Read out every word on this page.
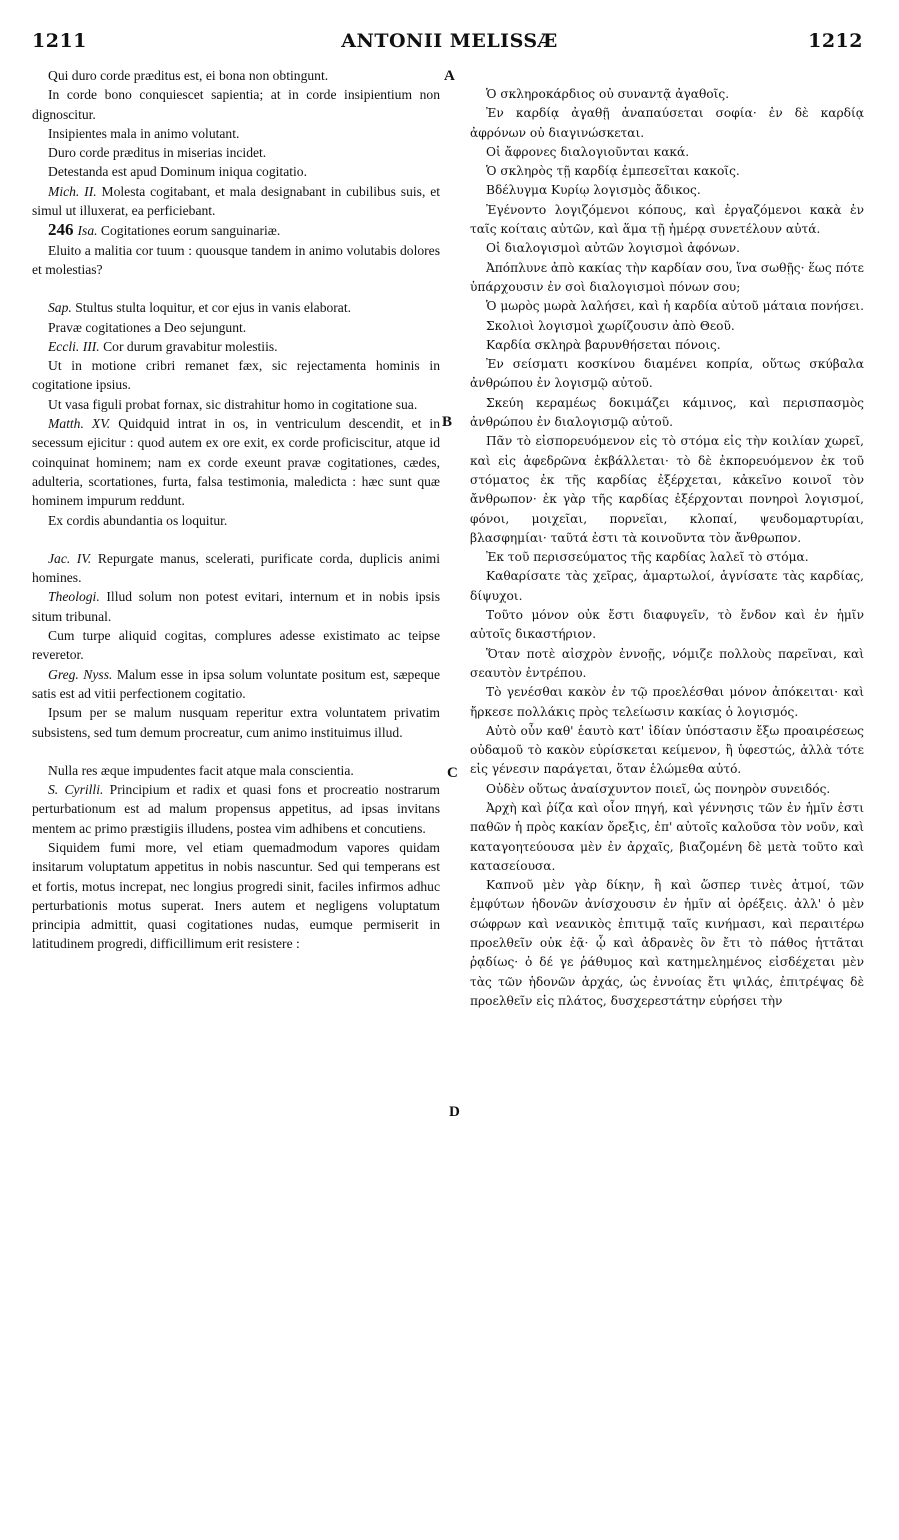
1211	ANTONII MELISSÆ	1212
A
B
C
D
Qui duro corde præditus est, ei bona non obtingunt.
In corde bono conquiescet sapientia; at in corde insipientium non dignoscitur.
Insipientes mala in animo volutant.
Duro corde præditus in miserias incidet.
Detestanda est apud Dominum iniqua cogitatio.
Mich. II. Molesta cogitabant, et mala designabant in cubilibus suis, et simul ut illuxerat, ea perficiebant.
246 Isa. Cogitationes eorum sanguinariæ.
Eluito a malitia cor tuum : quousque tandem in animo volutabis dolores et molestias?
Sap. Stultus stulta loquitur, et cor ejus in vanis elaborat.
Pravæ cogitationes a Deo sejungunt.
Eccli. III. Cor durum gravabitur molestiis.
Ut in motione cribri remanet fæx, sic rejectamenta hominis in cogitatione ipsius.
Ut vasa figuli probat fornax, sic distrahitur homo in cogitatione sua.
Matth. XV. Quidquid intrat in os, in ventriculum descendit, et in secessum ejicitur : quod autem ex ore exit, ex corde proficiscitur, atque id coinquinat hominem; nam ex corde exeunt pravæ cogitationes, cædes, adulteria, scortationes, furta, falsa testimonia, maledicta : hæc sunt quæ hominem impurum reddunt.
Ex cordis abundantia os loquitur.
Jac. IV. Repurgate manus, scelerati, purificate corda, duplicis animi homines.
Theologi. Illud solum non potest evitari, internum et in nobis ipsis situm tribunal.
Cum turpe aliquid cogitas, complures adesse existimato ac teipse reveretor.
Greg. Nyss. Malum esse in ipsa solum voluntate positum est, sæpeque satis est ad vitii perfectionem cogitatio.
Ipsum per se malum nusquam reperitur extra voluntatem privatim subsistens, sed tum demum procreatur, cum animo instituimus illud.
Nulla res æque impudentes facit atque mala conscientia.
S. Cyrilli. Principium et radix et quasi fons et procreatio nostrarum perturbationum est ad malum propensus appetitus, ad ipsas invitans mentem ac primo præstigiis illudens, postea vim adhibens et concutiens.
Siquidem fumi more, vel etiam quemadmodum vapores quidam insitarum voluptatum appetitus in nobis nascuntur. Sed qui temperans est et fortis, motus increpat, nec longius progredi sinit, faciles infirmos adhuc perturbationis motus superat. Iners autem et negligens voluptatum principia admittit, quasi cogitationes nudas, eumque permiserit in latitudinem progredi, difficillimum erit resistere :
Ὁ σκληροκάρδιος οὐ συναντᾷ ἀγαθοῖς.
Ἐν καρδίᾳ ἀγαθῇ ἀναπαύσεται σοφία· ἐν δὲ καρδίᾳ ἀφρόνων οὐ διαγινώσκεται.
Οἱ ἄφρονες διαλογιοῦνται κακά.
Ὁ σκληρὸς τῇ καρδίᾳ ἐμπεσεῖται κακοῖς.
Βδέλυγμα Κυρίῳ λογισμὸς ἄδικος.
Ἐγένοντο λογιζόμενοι κόπους, καὶ ἐργαζόμενοι κακὰ ἐν ταῖς κοίταις αὐτῶν, καὶ ἅμα τῇ ἡμέρᾳ συνετέλουν αὐτά.
Οἱ διαλογισμοὶ αὐτῶν λογισμοὶ ἀφόνων.
Ἀπόπλυνε ἀπὸ κακίας τὴν καρδίαν σου, ἵνα σωθῇς· ἕως πότε ὑπάρχουσιν ἐν σοὶ διαλογισμοὶ πόνων σου;
Ὁ μωρὸς μωρὰ λαλήσει, καὶ ἡ καρδία αὐτοῦ μάταια πονήσει.
Σκολιοὶ λογισμοὶ χωρίζουσιν ἀπὸ Θεοῦ.
Καρδία σκληρὰ βαρυνθήσεται πόνοις.
Ἐν σείσματι κοσκίνου διαμένει κοπρία, οὕτως σκύβαλα ἀνθρώπου ἐν λογισμῷ αὐτοῦ.
Σκεύη κεραμέως δοκιμάζει κάμινος, καὶ περισπασμὸς ἀνθρώπου ἐν διαλογισμῷ αὐτοῦ.
Πᾶν τὸ εἰσπορευόμενον εἰς τὸ στόμα εἰς τὴν κοιλίαν χωρεῖ, καὶ εἰς ἀφεδρῶνα ἐκβάλλεται· τὸ δὲ ἐκπορευόμενον ἐκ τοῦ στόματος ἐκ τῆς καρδίας ἐξέρχεται, κἀκεῖνο κοινοῖ τὸν ἄνθρωπον· ἐκ γὰρ τῆς καρδίας ἐξέρχονται πονηροὶ λογισμοί, φόνοι, μοιχεῖαι, πορνεῖαι, κλοπαί, ψευδομαρτυρίαι, βλασφημίαι· ταῦτά ἐστι τὰ κοινοῦντα τὸν ἄνθρωπον.
Ἐκ τοῦ περισσεύματος τῆς καρδίας λαλεῖ τὸ στόμα.
Καθαρίσατε τὰς χεῖρας, ἁμαρτωλοί, ἁγνίσατε τὰς καρδίας, δίψυχοι.
Τοῦτο μόνον οὐκ ἔστι διαφυγεῖν, τὸ ἔνδον καὶ ἐν ἡμῖν αὐτοῖς δικαστήριον.
Ὅταν ποτὲ αἰσχρὸν ἐννοῇς, νόμιζε πολλοὺς παρεῖναι, καὶ σεαυτὸν ἐντρέπου.
Τὸ γενέσθαι κακὸν ἐν τῷ προελέσθαι μόνον ἀπόκειται· καὶ ἤρκεσε πολλάκις πρὸς τελείωσιν κακίας ὁ λογισμός.
Αὐτὸ οὖν καθ' ἑαυτὸ κατ' ἰδίαν ὑπόστασιν ἔξω προαιρέσεως οὐδαμοῦ τὸ κακὸν εὑρίσκεται κείμενον, ἢ ὑφεστώς, ἀλλὰ τότε εἰς γένεσιν παράγεται, ὅταν ἑλώμεθα αὐτό.
Οὐδὲν οὕτως ἀναίσχυντον ποιεῖ, ὡς πονηρὸν συνειδός.
Ἀρχὴ καὶ ῥίζα καὶ οἷον πηγή, καὶ γέννησις τῶν ἐν ἡμῖν ἐστι παθῶν ἡ πρὸς κακίαν ὄρεξις, ἐπ' αὐτοῖς καλοῦσα τὸν νοῦν, καὶ καταγοητεύουσα μὲν ἐν ἀρχαῖς, βιαζομένη δὲ μετὰ τοῦτο καὶ κατασείουσα.
Καπνοῦ μὲν γὰρ δίκην, ἢ καὶ ὥσπερ τινὲς ἀτμοί, τῶν ἐμφύτων ἡδονῶν ἀνίσχουσιν ἐν ἡμῖν αἱ ὀρέξεις. ἀλλ' ὁ μὲν σώφρων καὶ νεανικὸς ἐπιτιμᾷ ταῖς κινήμασι, καὶ περαιτέρω προελθεῖν οὐκ ἐᾷ· ᾧ καὶ ἀδρανὲς ὂν ἔτι τὸ πάθος ἡττᾶται ῥᾳδίως· ὁ δέ γε ῥάθυμος καὶ κατημελημένος εἰσδέχεται μὲν τὰς τῶν ἡδονῶν ἀρχάς, ὡς ἐννοίας ἔτι ψιλάς, ἐπιτρέψας δὲ προελθεῖν εἰς πλάτος, δυσχερεστάτην εὑρήσει τὴν
